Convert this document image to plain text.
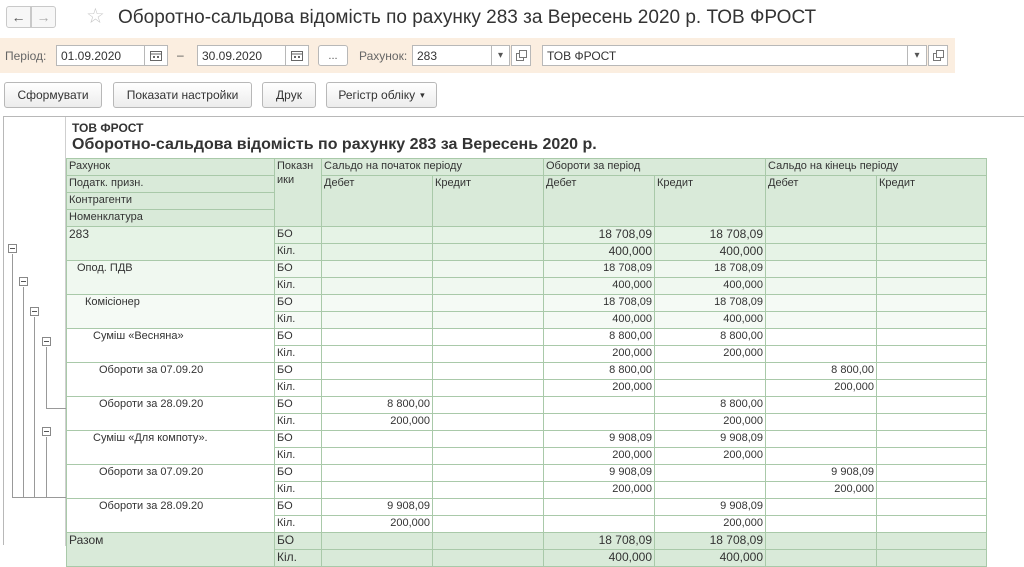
← → ☆ Оборотно-сальдова відомість по рахунку 283 за Вересень 2020 р. ТОВ ФРОСТ
Період:	01.09.2020	–	30.09.2020	...	Рахунок: 283	▾	ТОВ ФРОСТ	▾
Сформувати	Показати настройки	Друк	Регістр обліку ▾
ТОВ ФРОСТ
Оборотно-сальдова відомість по рахунку 283 за Вересень 2020 р.
Рахунок	Показн
ики	Сальдо на початок періоду		Обороти за період		Сальдо на кінець періоду	
Податк. призн.		Дебет	Кредит	Дебет	Кредит	Дебет	Кредит
Контрагенти							
Номенклатура							
283	БО			18 708,09	18 708,09		
	Кіл.			400,000	400,000		
Опод. ПДВ	БО			18 708,09	18 708,09		
	Кіл.			400,000	400,000		
Комісіонер	БО			18 708,09	18 708,09		
	Кіл.			400,000	400,000		
Суміш «Весняна»	БО			8 800,00	8 800,00		
	Кіл.			200,000	200,000		
Обороти за 07.09.20	БО			8 800,00		8 800,00	
	Кіл.			200,000		200,000	
Обороти за 28.09.20	БО	8 800,00			8 800,00		
	Кіл.	200,000			200,000		
Суміш «Для компоту».	БО			9 908,09	9 908,09		
	Кіл.			200,000	200,000		
Обороти за 07.09.20	БО			9 908,09		9 908,09	
	Кіл.			200,000		200,000	
Обороти за 28.09.20	БО	9 908,09			9 908,09		
	Кіл.	200,000			200,000		
Разом	БО			18 708,09	18 708,09		
	Кіл.			400,000	400,000		
